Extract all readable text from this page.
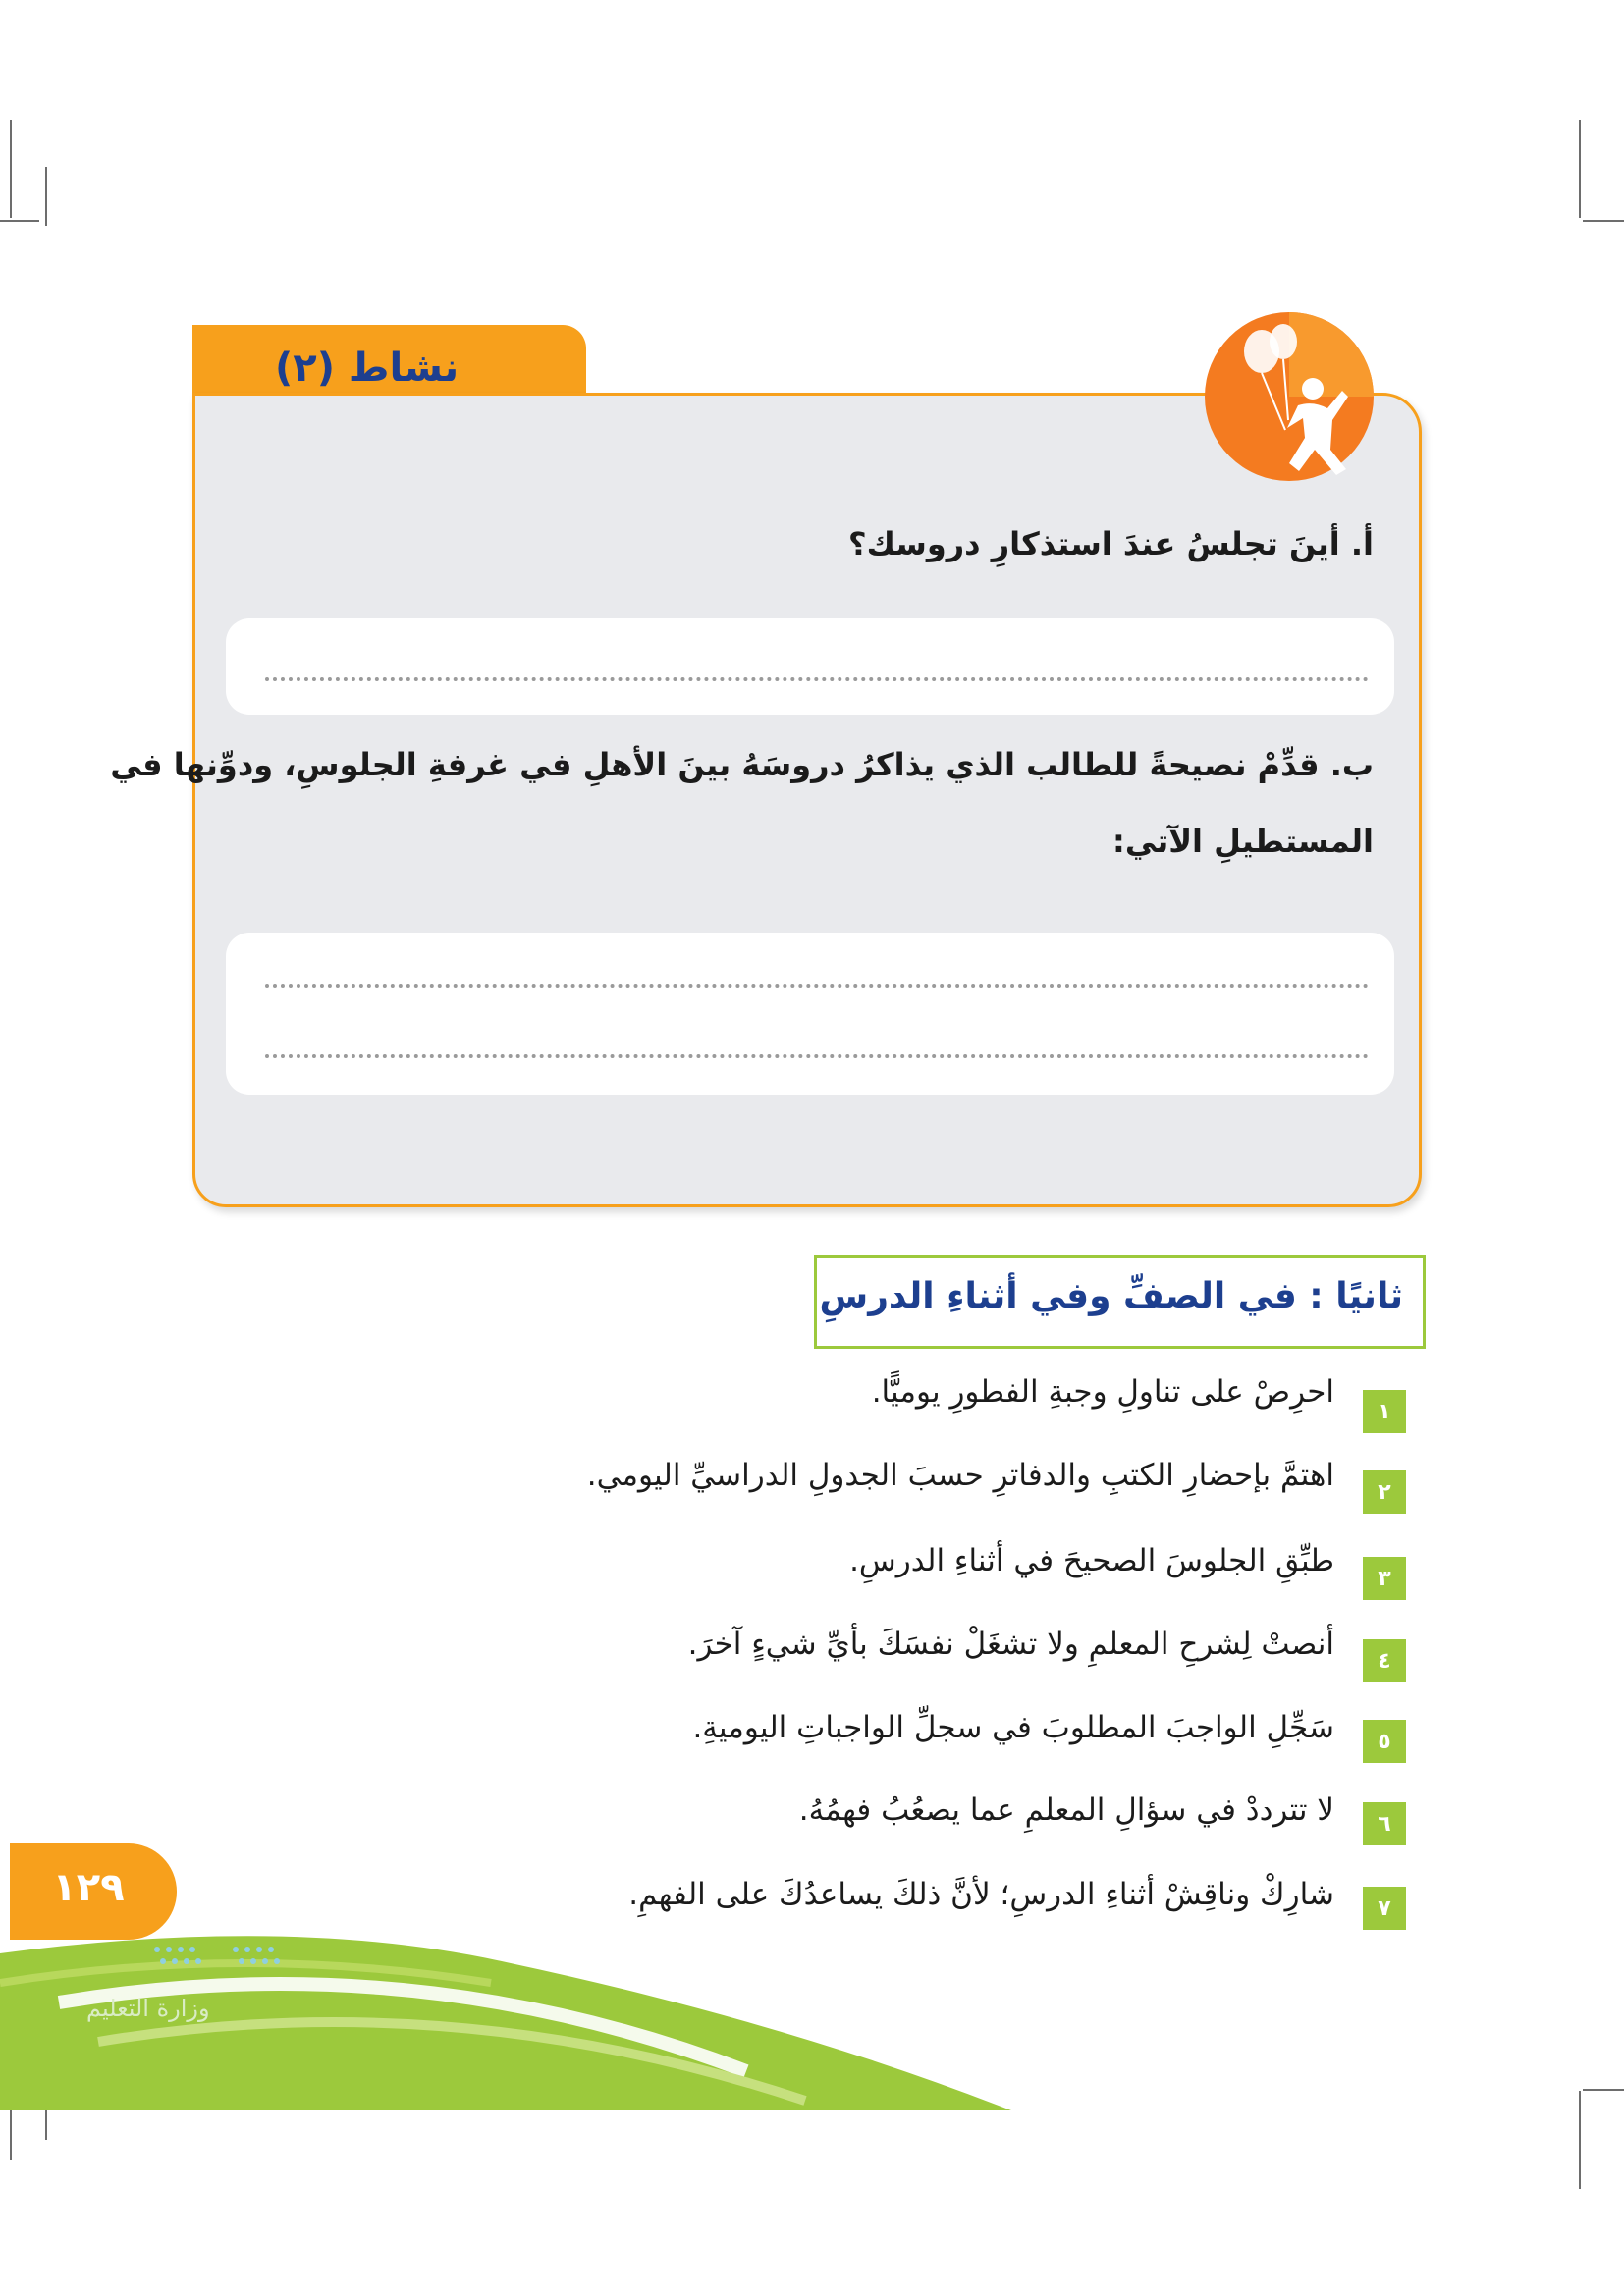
نشاط (٢)
أ. أينَ تجلسُ عندَ استذكارِ دروسك؟
ب. قدِّمْ نصيحةً للطالب الذي يذاكرُ دروسَهُ بينَ الأهلِ في غرفةِ الجلوسِ، ودوِّنها في
المستطيلِ الآتي:
ثانيًا : في الصفِّ وفي أثناءِ الدرسِ
١
احرِصْ على تناولِ وجبةِ الفطورِ يوميًّا.
٢
اهتمَّ بإحضارِ الكتبِ والدفاترِ حسبَ الجدولِ الدراسيِّ اليومي.
٣
طبِّقِ الجلوسَ الصحيحَ في أثناءِ الدرسِ.
٤
أنصتْ لِشرحِ المعلمِ ولا تشغَلْ نفسَكَ بأيِّ شيءٍ آخرَ.
٥
سَجِّلِ الواجبَ المطلوبَ في سجلِّ الواجباتِ اليوميةِ.
٦
لا تترددْ في سؤالِ المعلمِ عما يصعُبُ فهمُهُ.
٧
شارِكْ وناقِشْ أثناءِ الدرسِ؛ لأنَّ ذلكَ يساعدُكَ على الفهمِ.
١٢٩
وزارة التعليم
